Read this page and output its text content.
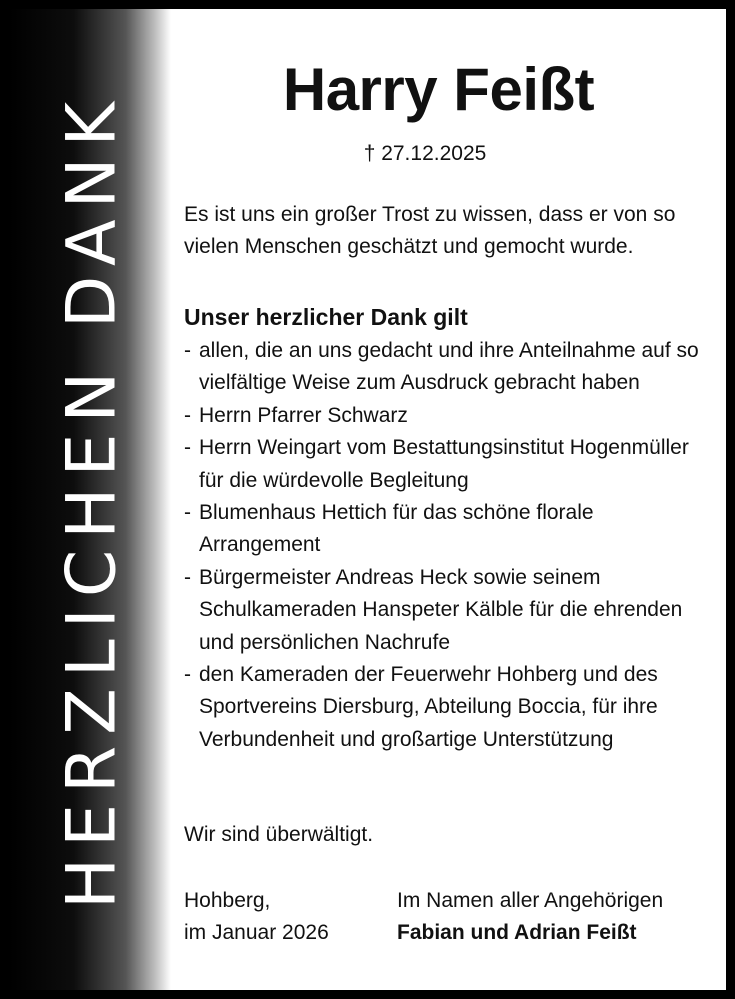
HERZLICHEN DANK
Harry Feißt
† 27.12.2025

Es ist uns ein großer Trost zu wissen, dass er von so vielen Menschen geschätzt und gemocht wurde.

Unser herzlicher Dank gilt

- allen, die an uns gedacht und ihre Anteilnahme auf so vielfältige Weise zum Ausdruck gebracht haben
- Herrn Pfarrer Schwarz
- Herrn Weingart vom Bestattungsinstitut Hogenmüller für die würdevolle Begleitung
- Blumenhaus Hettich für das schöne florale Arrangement
- Bürgermeister Andreas Heck sowie seinem Schulkameraden Hanspeter Kälble für die ehrenden und persönlichen Nachrufe
- den Kameraden der Feuerwehr Hohberg und des Sportvereins Diersburg, Abteilung Boccia, für ihre Verbundenheit und großartige Unterstützung

Wir sind überwältigt.

Hohberg,
im Januar 2026
Im Namen aller Angehörigen
Fabian und Adrian Feißt
